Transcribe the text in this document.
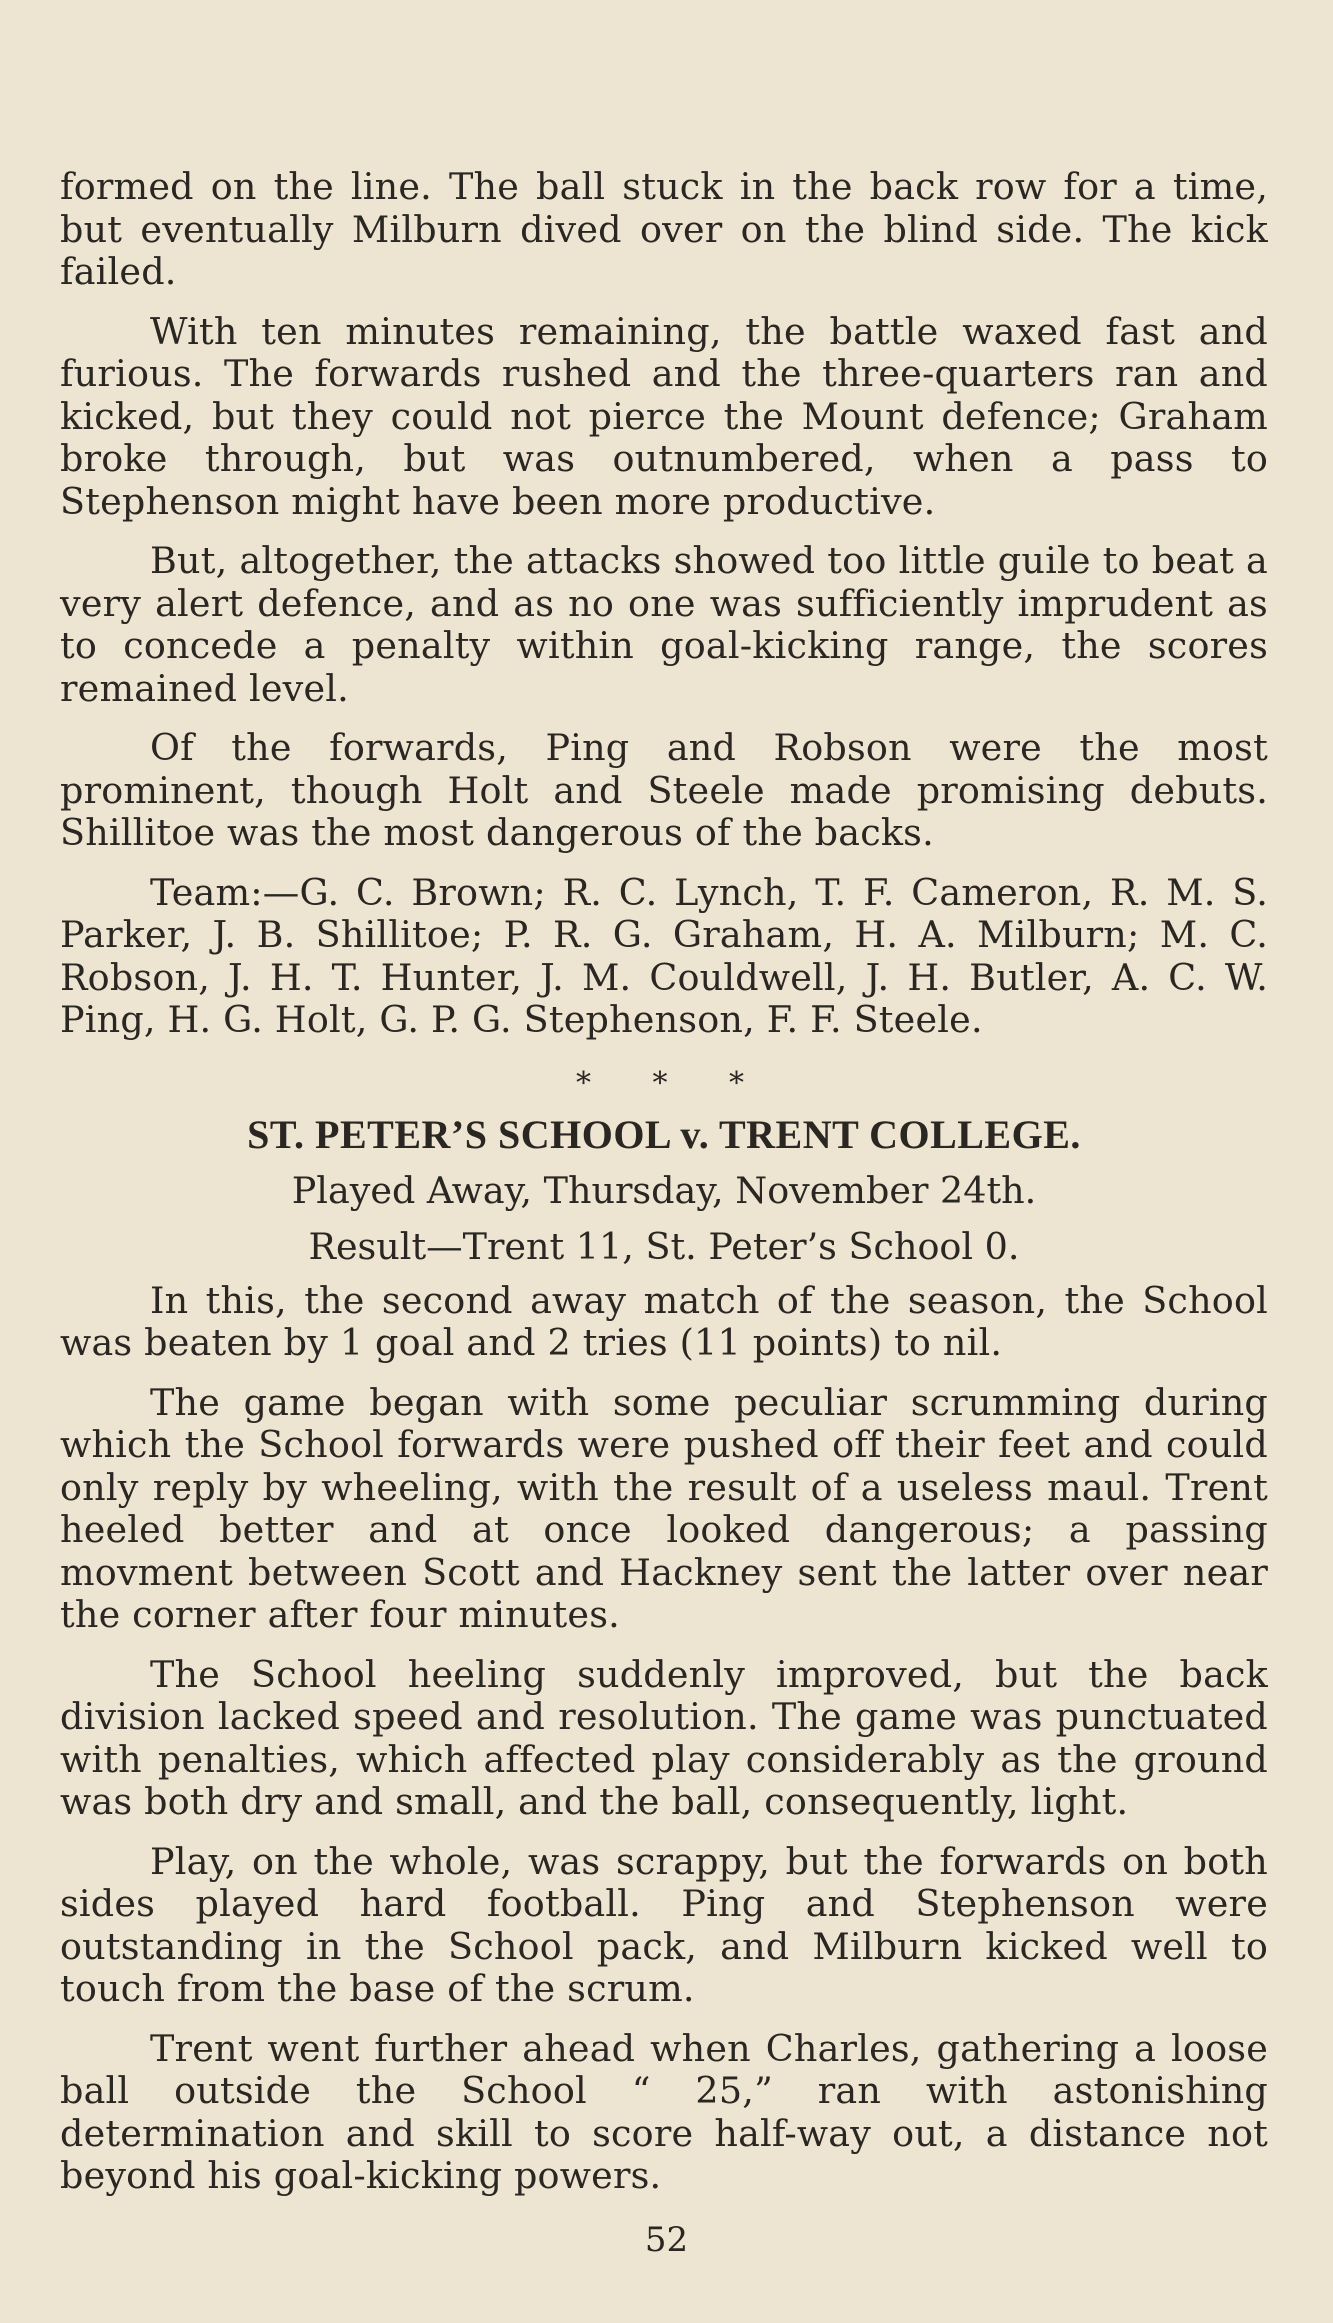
formed on the line. The ball stuck in the back row for a time, but eventually Milburn dived over on the blind side. The kick failed.

With ten minutes remaining, the battle waxed fast and furious. The forwards rushed and the three-quarters ran and kicked, but they could not pierce the Mount defence; Graham broke through, but was outnumbered, when a pass to Stephenson might have been more productive.

But, altogether, the attacks showed too little guile to beat a very alert defence, and as no one was sufficiently imprudent as to concede a penalty within goal-kicking range, the scores remained level.

Of the forwards, Ping and Robson were the most prominent, though Holt and Steele made promising debuts. Shillitoe was the most dangerous of the backs.

Team:—G. C. Brown; R. C. Lynch, T. F. Cameron, R. M. S. Parker, J. B. Shillitoe; P. R. G. Graham, H. A. Milburn; M. C. Robson, J. H. T. Hunter, J. M. Couldwell, J. H. Butler, A. C. W. Ping, H. G. Holt, G. P. G. Stephenson, F. F. Steele.

* * *
ST. PETER’S SCHOOL v. TRENT COLLEGE.
Played Away, Thursday, November 24th.
Result—Trent 11, St. Peter’s School 0.

In this, the second away match of the season, the School was beaten by 1 goal and 2 tries (11 points) to nil.

The game began with some peculiar scrumming during which the School forwards were pushed off their feet and could only reply by wheeling, with the result of a useless maul. Trent heeled better and at once looked dangerous; a passing movment between Scott and Hackney sent the latter over near the corner after four minutes.

The School heeling suddenly improved, but the back division lacked speed and resolution. The game was punctuated with penalties, which affected play considerably as the ground was both dry and small, and the ball, consequently, light.

Play, on the whole, was scrappy, but the forwards on both sides played hard football. Ping and Stephenson were outstanding in the School pack, and Milburn kicked well to touch from the base of the scrum.

Trent went further ahead when Charles, gathering a loose ball outside the School “ 25,” ran with astonishing determination and skill to score half-way out, a distance not beyond his goal-kicking powers.

52
